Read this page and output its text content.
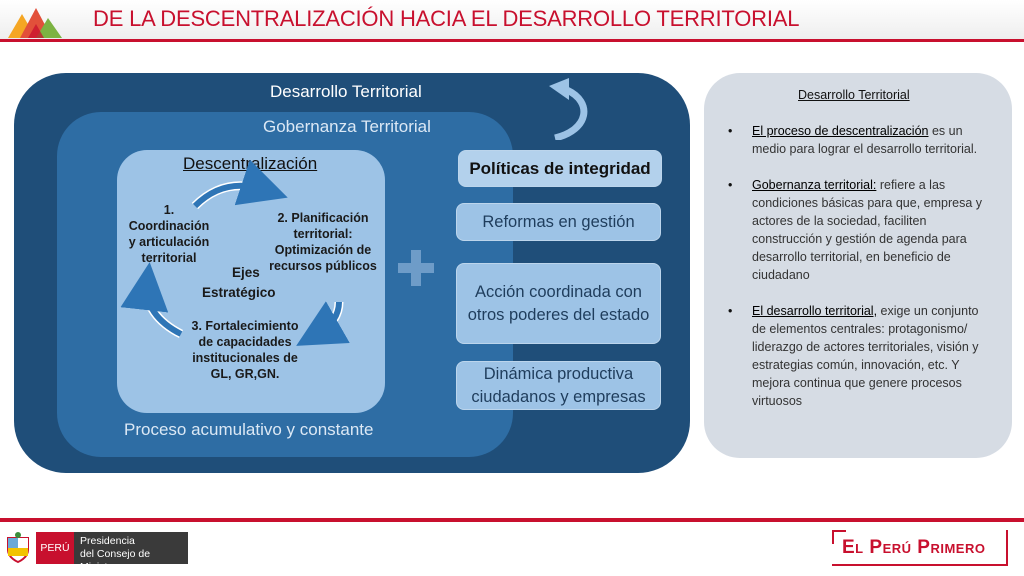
DE LA DESCENTRALIZACIÓN HACIA EL DESARROLLO TERRITORIAL
Desarrollo Territorial
Gobernanza Territorial
Proceso acumulativo y constante
Descentralización
1. Coordinación y articulación territorial
2. Planificación territorial: Optimización de recursos públicos
3. Fortalecimiento de capacidades institucionales de GL, GR,GN.
Ejes
Estratégico
Políticas de integridad
Reformas en gestión
Acción coordinada con otros poderes del estado
Dinámica productiva ciudadanos y empresas
Desarrollo Territorial
• El proceso de descentralización es un medio para lograr el desarrollo territorial.
• Gobernanza territorial: refiere a las condiciones básicas para que, empresa y actores de la sociedad, faciliten construcción y gestión de agenda para desarrollo territorial, en beneficio de ciudadano
• El desarrollo territorial, exige un conjunto de elementos centrales: protagonismo/ liderazgo de actores territoriales, visión y estrategias común, innovación, etc. Y mejora continua que genere procesos virtuosos
PERÚ
Presidencia
del Consejo de Ministros
El Perú Primero
